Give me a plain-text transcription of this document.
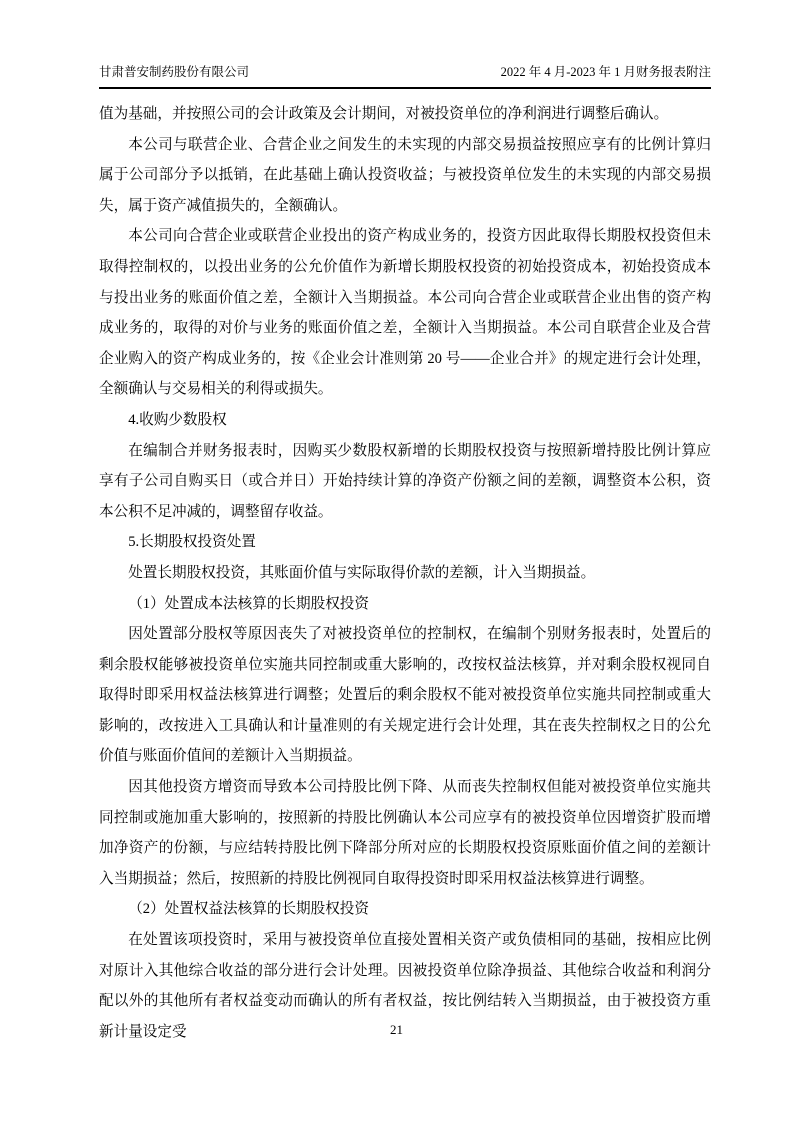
甘肃普安制药股份有限公司	2022 年 4 月-2023 年 1 月财务报表附注

值为基础，并按照公司的会计政策及会计期间，对被投资单位的净利润进行调整后确认。

本公司与联营企业、合营企业之间发生的未实现的内部交易损益按照应享有的比例计算归属于公司部分予以抵销，在此基础上确认投资收益；与被投资单位发生的未实现的内部交易损失，属于资产减值损失的，全额确认。

本公司向合营企业或联营企业投出的资产构成业务的，投资方因此取得长期股权投资但未取得控制权的，以投出业务的公允价值作为新增长期股权投资的初始投资成本，初始投资成本与投出业务的账面价值之差，全额计入当期损益。本公司向合营企业或联营企业出售的资产构成业务的，取得的对价与业务的账面价值之差，全额计入当期损益。本公司自联营企业及合营企业购入的资产构成业务的，按《企业会计准则第 20 号——企业合并》的规定进行会计处理，全额确认与交易相关的利得或损失。

4.收购少数股权

在编制合并财务报表时，因购买少数股权新增的长期股权投资与按照新增持股比例计算应享有子公司自购买日（或合并日）开始持续计算的净资产份额之间的差额，调整资本公积，资本公积不足冲减的，调整留存收益。

5.长期股权投资处置

处置长期股权投资，其账面价值与实际取得价款的差额，计入当期损益。

（1）处置成本法核算的长期股权投资

因处置部分股权等原因丧失了对被投资单位的控制权，在编制个别财务报表时，处置后的剩余股权能够被投资单位实施共同控制或重大影响的，改按权益法核算，并对剩余股权视同自取得时即采用权益法核算进行调整；处置后的剩余股权不能对被投资单位实施共同控制或重大影响的，改按进入工具确认和计量准则的有关规定进行会计处理，其在丧失控制权之日的公允价值与账面价值间的差额计入当期损益。

因其他投资方增资而导致本公司持股比例下降、从而丧失控制权但能对被投资单位实施共同控制或施加重大影响的，按照新的持股比例确认本公司应享有的被投资单位因增资扩股而增加净资产的份额，与应结转持股比例下降部分所对应的长期股权投资原账面价值之间的差额计入当期损益；然后，按照新的持股比例视同自取得投资时即采用权益法核算进行调整。

（2）处置权益法核算的长期股权投资

在处置该项投资时，采用与被投资单位直接处置相关资产或负债相同的基础，按相应比例对原计入其他综合收益的部分进行会计处理。因被投资单位除净损益、其他综合收益和利润分配以外的其他所有者权益变动而确认的所有者权益，按比例结转入当期损益，由于被投资方重新计量设定受	21
